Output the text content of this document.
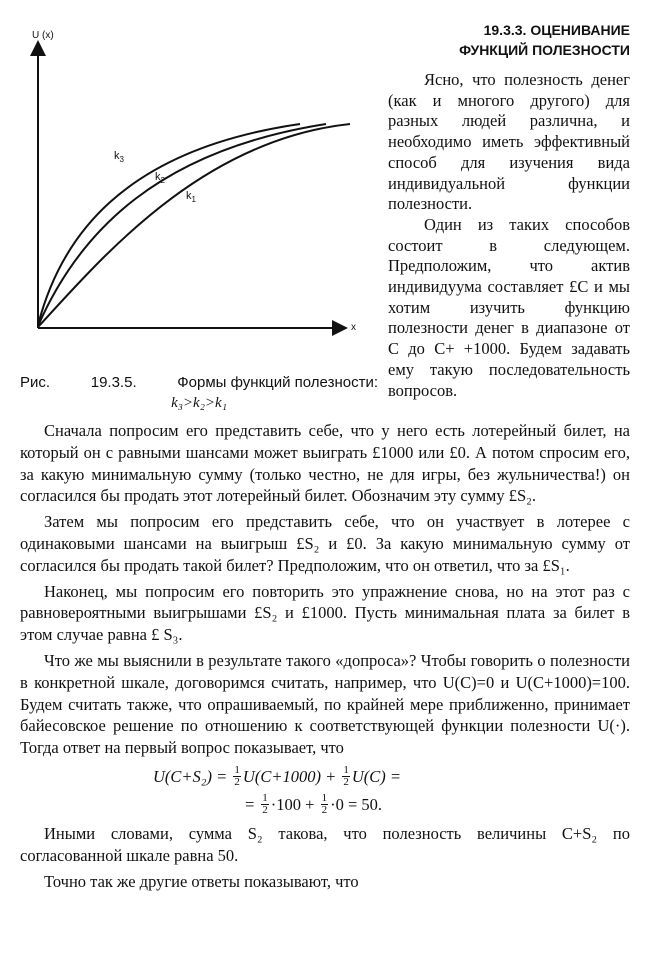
U (x)
x
$k_3$
$k_2$
$k_1$
Рис.	19.3.5.	Формы функций полезности:
k₃>k₂>k₁
19.3.3. ОЦЕНИВАНИЕ
ФУНКЦИЙ ПОЛЕЗНОСТИ

Ясно, что полезность денег (как и многого другого) для разных людей различна, и необходимо иметь эффективный способ для изучения вида индивидуальной функции полезности.

Один из таких способов состоит в следующем. Предположим, что актив индивидуума составляет £C и мы хотим изучить функцию полезности денег в диапазоне от C до C+ +1000. Будем задавать ему такую последовательность вопросов.

Сначала попросим его представить себе, что у него есть лотерейный билет, на который он с равными шансами может выиграть £1000 или £0. А потом спросим его, за какую минимальную сумму (только честно, не для игры, без жульничества!) он согласился бы продать этот лотерейный билет. Обозначим эту сумму £S₂.

Затем мы попросим его представить себе, что он участвует в лотерее с одинаковыми шансами на выигрыш £S₂ и £0. За какую минимальную сумму от согласился бы продать такой билет? Предположим, что он ответил, что за £S₁.

Наконец, мы попросим его повторить это упражнение снова, но на этот раз с равновероятными выигрышами £S₂ и £1000. Пусть минимальная плата за билет в этом случае равна £ S₃.

Что же мы выяснили в результате такого «допроса»? Чтобы говорить о полезности в конкретной шкале, договоримся считать, например, что U(C)=0 и U(C+1000)=100. Будем считать также, что опрашиваемый, по крайней мере приближенно, принимает байесовское решение по отношению к соответствующей функции полезности U(·). Тогда ответ на первый вопрос показывает, что

U(C+S₂) =
$\frac{1}{2} U(C+1000)$ +
$\frac{1}{2} U(C)$ =
=
$\frac{1}{2} \cdot 100$ +
$\frac{1}{2} \cdot 0 = 50$.

Иными словами, сумма S₂ такова, что полезность величины C+S₂ по согласованной шкале равна 50.

Точно так же другие ответы показывают, что
